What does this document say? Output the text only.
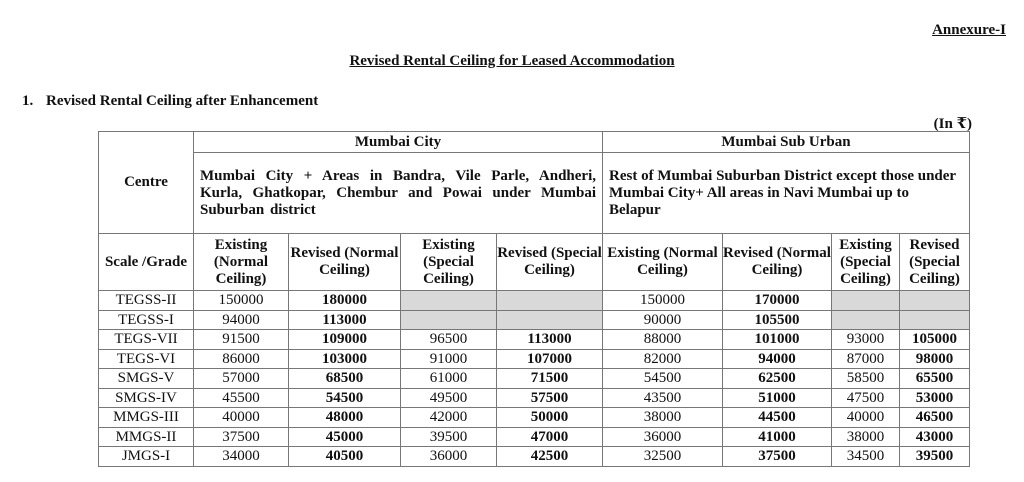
Annexure-I
Revised Rental Ceiling for Leased Accommodation
1. Revised Rental Ceiling after Enhancement
(In ₹)
Centre	Mumbai City				Mumbai Sub Urban			
	Mumbai City + Areas in Bandra, Vile Parle, Andheri, Kurla, Ghatkopar, Chembur and Powai under Mumbai Suburban district				Rest of Mumbai Suburban District except those under Mumbai City+ All areas in Navi Mumbai up to Belapur			
Scale /Grade	Existing (Normal Ceiling)	Revised (Normal Ceiling)	Existing (Special Ceiling)	Revised (Special Ceiling)	Existing (Normal Ceiling)	Revised (Normal Ceiling)	Existing (Special Ceiling)	Revised (Special Ceiling)
TEGSS-II	150000	180000			150000	170000		
TEGSS-I	94000	113000			90000	105500		
TEGS-VII	91500	109000	96500	113000	88000	101000	93000	105000
TEGS-VI	86000	103000	91000	107000	82000	94000	87000	98000
SMGS-V	57000	68500	61000	71500	54500	62500	58500	65500
SMGS-IV	45500	54500	49500	57500	43500	51000	47500	53000
MMGS-III	40000	48000	42000	50000	38000	44500	40000	46500
MMGS-II	37500	45000	39500	47000	36000	41000	38000	43000
JMGS-I	34000	40500	36000	42500	32500	37500	34500	39500
